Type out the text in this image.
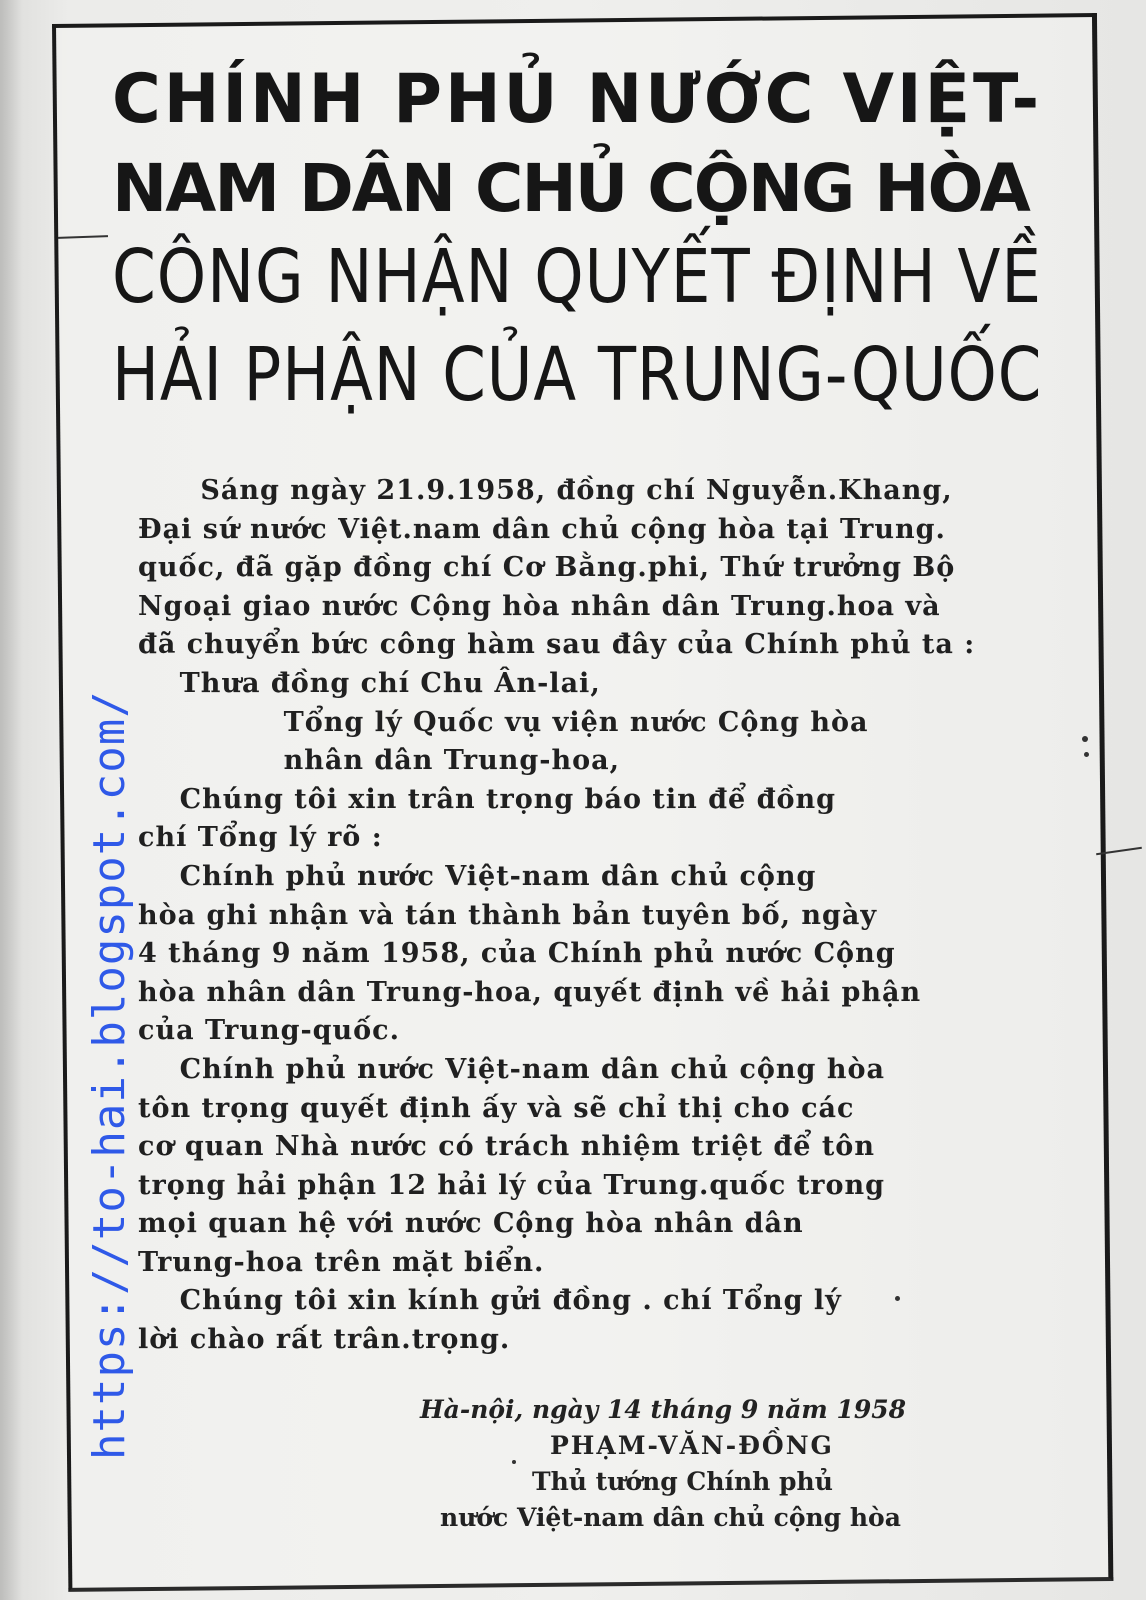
CHÍNH PHỦ NƯỚC VIỆT-
NAM DÂN CHỦ CỘNG HÒA
CÔNG NHẬN QUYẾT ĐỊNH VỀ
HẢI PHẬN CỦA TRUNG-QUỐC
Sáng ngày 21.9.1958, đồng chí Nguyễn.Khang,
Đại sứ nước Việt.nam dân chủ cộng hòa tại Trung.
quốc, đã gặp đồng chí Cơ Bằng.phi, Thứ trưởng Bộ
Ngoại giao nước Cộng hòa nhân dân Trung.hoa và
đã chuyển bức công hàm sau đây của Chính phủ ta :
Thưa đồng chí Chu Ân-lai,
Tổng lý Quốc vụ viện nước Cộng hòa
nhân dân Trung-hoa,
Chúng tôi xin trân trọng báo tin để đồng
chí Tổng lý rõ :
Chính phủ nước Việt-nam dân chủ cộng
hòa ghi nhận và tán thành bản tuyên bố, ngày
4 tháng 9 năm 1958, của Chính phủ nước Cộng
hòa nhân dân Trung-hoa, quyết định về hải phận
của Trung-quốc.
Chính phủ nước Việt-nam dân chủ cộng hòa
tôn trọng quyết định ấy và sẽ chỉ thị cho các
cơ quan Nhà nước có trách nhiệm triệt để tôn
trọng hải phận 12 hải lý của Trung.quốc trong
mọi quan hệ với nước Cộng hòa nhân dân
Trung-hoa trên mặt biển.
Chúng tôi xin kính gửi đồng . chí Tổng lý
lời chào rất trân.trọng.
Hà-nội, ngày 14 tháng 9 năm 1958
PHẠM-VĂN-ĐỒNG
Thủ tướng Chính phủ
nước Việt-nam dân chủ cộng hòa
https://to-hai.blogspot.com/
